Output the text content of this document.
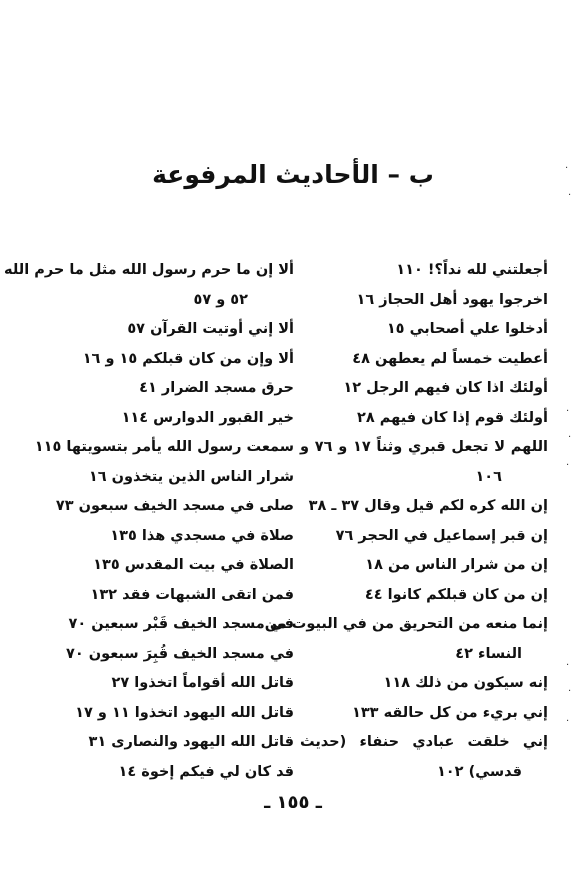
ب – الأحاديث المرفوعة
أجعلتني لله نداً؟! ١١٠
اخرجوا يهود أهل الحجاز ١٦
أدخلوا علي أصحابي ١٥
أعطيت خمساً لم يعطهن ٤٨
أولئك اذا كان فيهم الرجل ١٢
أولئك قوم إذا كان فيهم ٢٨
اللهم لا تجعل قبري وثناً ١٧ و ٧٦ و
١٠٦
إن الله كره لكم قيل وقال ٣٧ ـ ٣٨
إن قبر إسماعيل في الحجر ٧٦
إن من شرار الناس من ١٨
إن من كان قبلكم كانوا ٤٤
إنما منعه من التحريق من في البيوت من
النساء ٤٢
إنه سيكون من ذلك ١١٨
إني بريء من كل حالقه ١٣٣
إني خلقت عبادي حنفاء (حديث
قدسي) ١٠٢
ألا إن ما حرم رسول الله مثل ما حرم الله
٥٢ و ٥٧
ألا إني أوتيت القرآن ٥٧
ألا وإن من كان قبلكم ١٥ و ١٦
حرق مسجد الضرار ٤١
خير القبور الدوارس ١١٤
سمعت رسول الله يأمر بتسويتها ١١٥
شرار الناس الذين يتخذون ١٦
صلى في مسجد الخيف سبعون ٧٣
صلاة في مسجدي هذا ١٣٥
الصلاة في بيت المقدس ١٣٥
فمن اتقى الشبهات فقد ١٣٢
في مسجد الخيف قَبْر سبعين ٧٠
في مسجد الخيف قُبِرَ سبعون ٧٠
قاتل الله أقواماً اتخذوا ٢٧
قاتل الله اليهود اتخذوا ١١ و ١٧
قاتل الله اليهود والنصارى ٣١
قد كان لي فيكم إخوة ١٤
ـ ١٥٥ ـ
·
·
·
·
·
·
·
·
